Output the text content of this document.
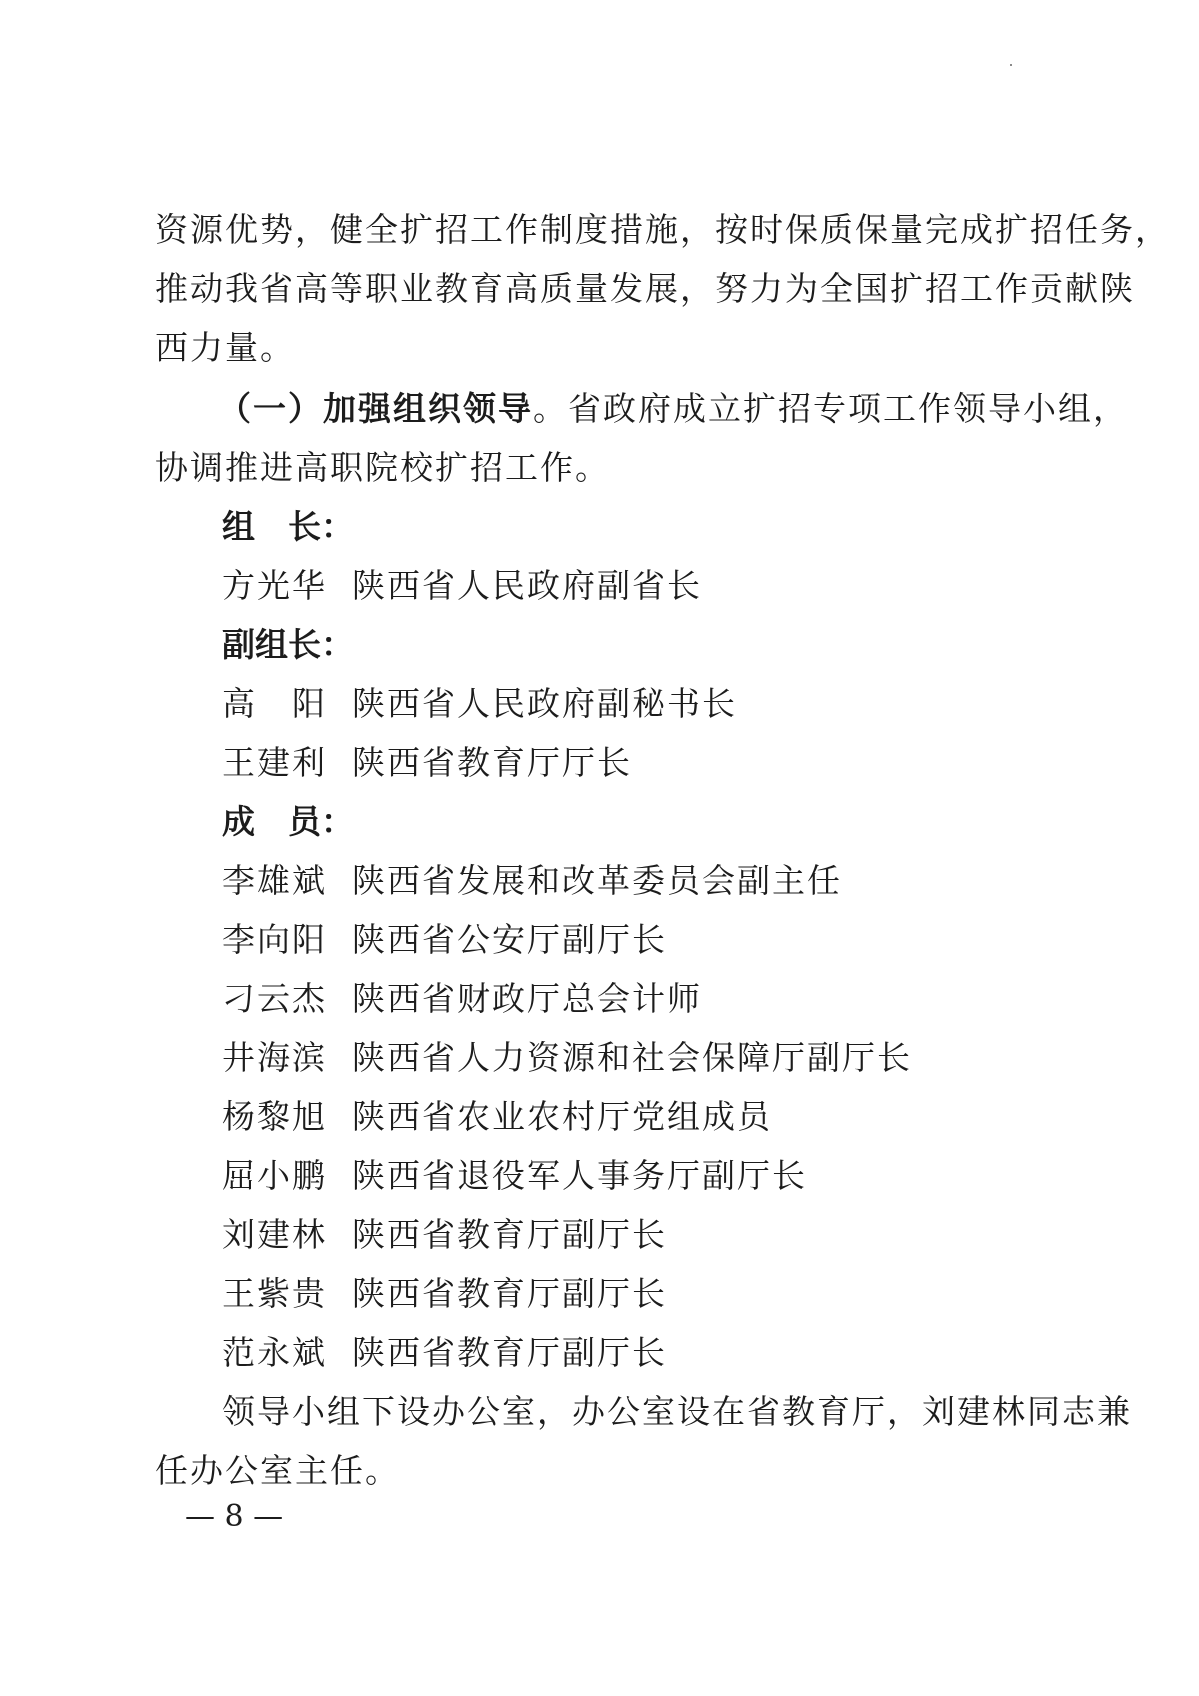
资源优势，健全扩招工作制度措施，按时保质保量完成扩招任务，
推动我省高等职业教育高质量发展，努力为全国扩招工作贡献陕
西力量。
（一）加强组织领导。省政府成立扩招专项工作领导小组，
协调推进高职院校扩招工作。
组　长：
方光华 陕西省人民政府副省长
副组长：
高　阳 陕西省人民政府副秘书长
王建利 陕西省教育厅厅长
成　员：
李雄斌 陕西省发展和改革委员会副主任
李向阳 陕西省公安厅副厅长
刁云杰 陕西省财政厅总会计师
井海滨 陕西省人力资源和社会保障厅副厅长
杨黎旭 陕西省农业农村厅党组成员
屈小鹏 陕西省退役军人事务厅副厅长
刘建林 陕西省教育厅副厅长
王紫贵 陕西省教育厅副厅长
范永斌 陕西省教育厅副厅长
领导小组下设办公室，办公室设在省教育厅，刘建林同志兼
任办公室主任。
— 8 —
